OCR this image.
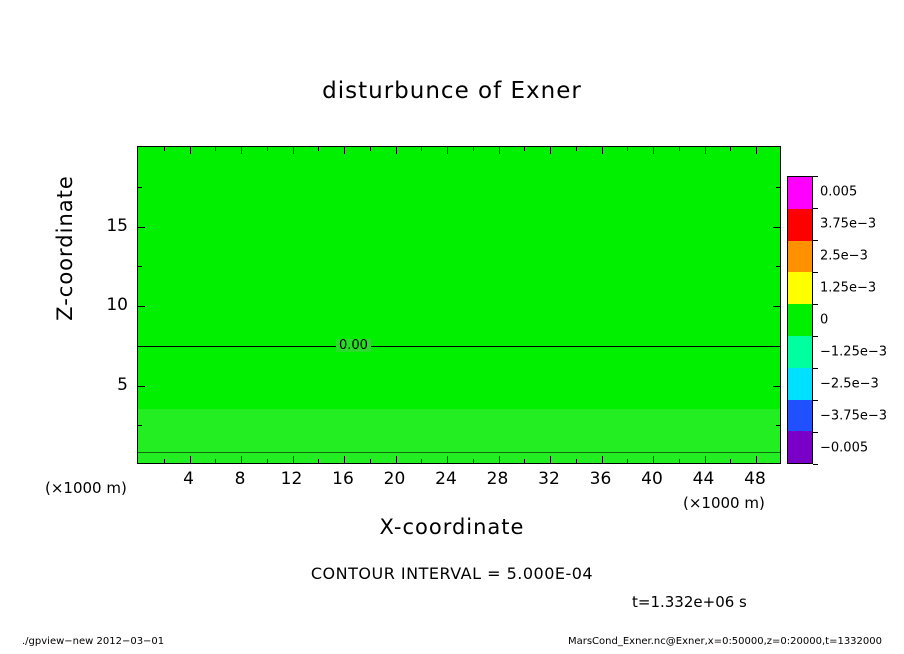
disturbunce of Exner
0.00
4 8 12 16 20 24 28 32 36 40 44 48
5
10
15
(×1000 m)
(×1000 m)
X-coordinate
Z-coordinate
CONTOUR INTERVAL = 5.000E-04
t=1.332e+06 s
0.005
3.75e−3
2.5e−3
1.25e−3
0
−1.25e−3
−2.5e−3
−3.75e−3
−0.005
./gpview−new 2012−03−01	MarsCond_Exner.nc@Exner,x=0:50000,z=0:20000,t=1332000
